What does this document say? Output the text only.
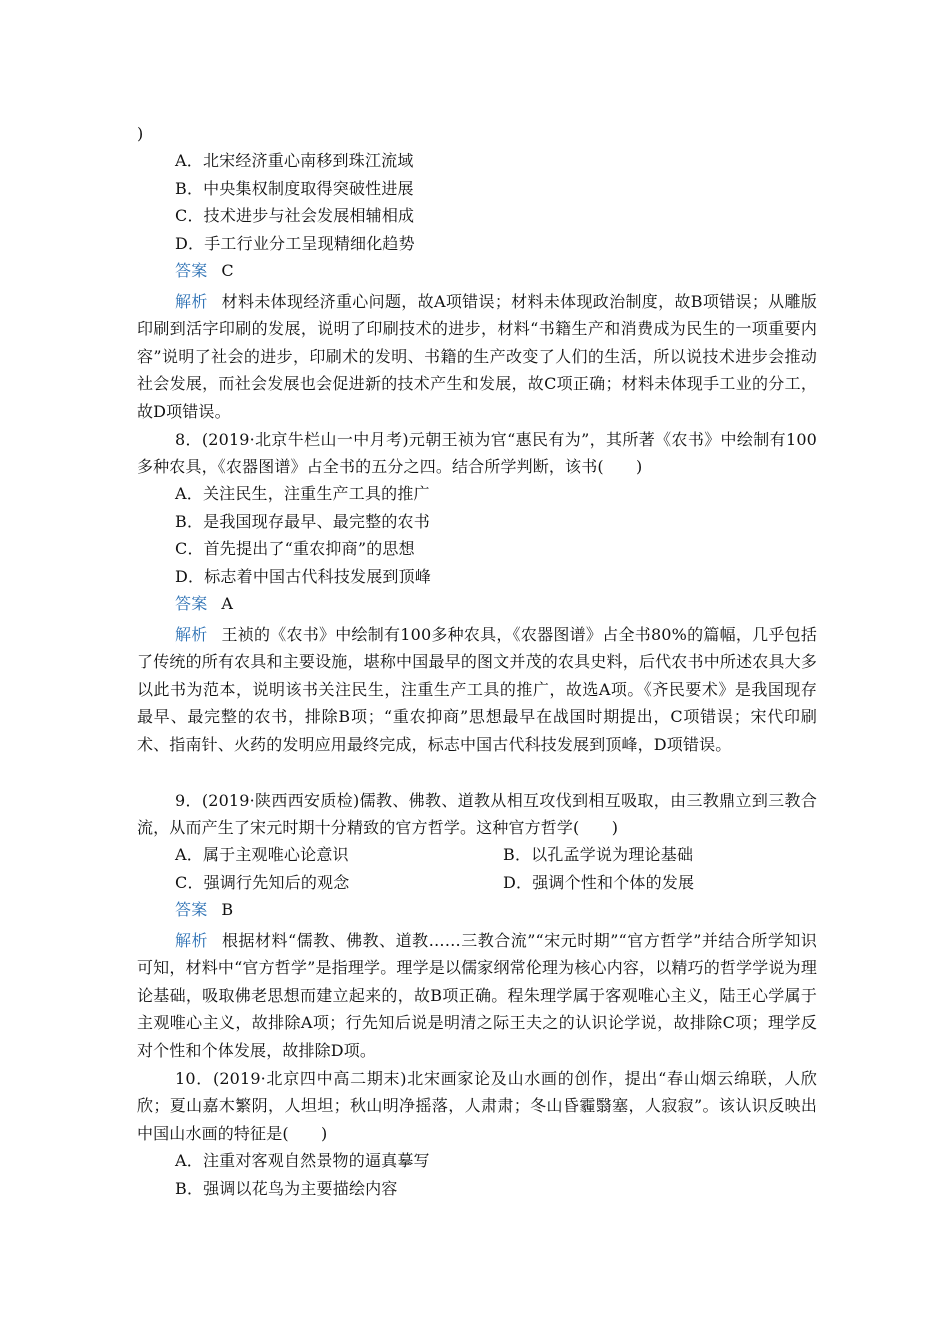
)
A．北宋经济重心南移到珠江流域
B．中央集权制度取得突破性进展
C．技术进步与社会发展相辅相成
D．手工行业分工呈现精细化趋势
答案 C
解析 材料未体现经济重心问题，故A项错误；材料未体现政治制度，故B项错误；从雕版印刷到活字印刷的发展，说明了印刷技术的进步，材料“书籍生产和消费成为民生的一项重要内容”说明了社会的进步，印刷术的发明、书籍的生产改变了人们的生活，所以说技术进步会推动社会发展，而社会发展也会促进新的技术产生和发展，故C项正确；材料未体现手工业的分工，故D项错误。
8．(2019·北京牛栏山一中月考)元朝王祯为官“惠民有为”，其所著《农书》中绘制有100多种农具，《农器图谱》占全书的五分之四。结合所学判断，该书(　　)
A．关注民生，注重生产工具的推广
B．是我国现存最早、最完整的农书
C．首先提出了“重农抑商”的思想
D．标志着中国古代科技发展到顶峰
答案 A
解析 王祯的《农书》中绘制有100多种农具，《农器图谱》占全书80%的篇幅，几乎包括了传统的所有农具和主要设施，堪称中国最早的图文并茂的农具史料，后代农书中所述农具大多以此书为范本，说明该书关注民生，注重生产工具的推广，故选A项。《齐民要术》是我国现存最早、最完整的农书，排除B项；“重农抑商”思想最早在战国时期提出，C项错误；宋代印刷术、指南针、火药的发明应用最终完成，标志中国古代科技发展到顶峰，D项错误。
9．(2019·陕西西安质检)儒教、佛教、道教从相互攻伐到相互吸取，由三教鼎立到三教合流，从而产生了宋元时期十分精致的官方哲学。这种官方哲学(　　)
A．属于主观唯心论意识	B．以孔孟学说为理论基础
C．强调行先知后的观念	D．强调个性和个体的发展
答案 B
解析 根据材料“儒教、佛教、道教……三教合流”“宋元时期”“官方哲学”并结合所学知识可知，材料中“官方哲学”是指理学。理学是以儒家纲常伦理为核心内容，以精巧的哲学学说为理论基础，吸取佛老思想而建立起来的，故B项正确。程朱理学属于客观唯心主义，陆王心学属于主观唯心主义，故排除A项；行先知后说是明清之际王夫之的认识论学说，故排除C项；理学反对个性和个体发展，故排除D项。
10．(2019·北京四中高二期末)北宋画家论及山水画的创作，提出“春山烟云绵联，人欣欣；夏山嘉木繁阴，人坦坦；秋山明净摇落，人肃肃；冬山昏霾翳塞，人寂寂”。该认识反映出中国山水画的特征是(　　)
A．注重对客观自然景物的逼真摹写
B．强调以花鸟为主要描绘内容
